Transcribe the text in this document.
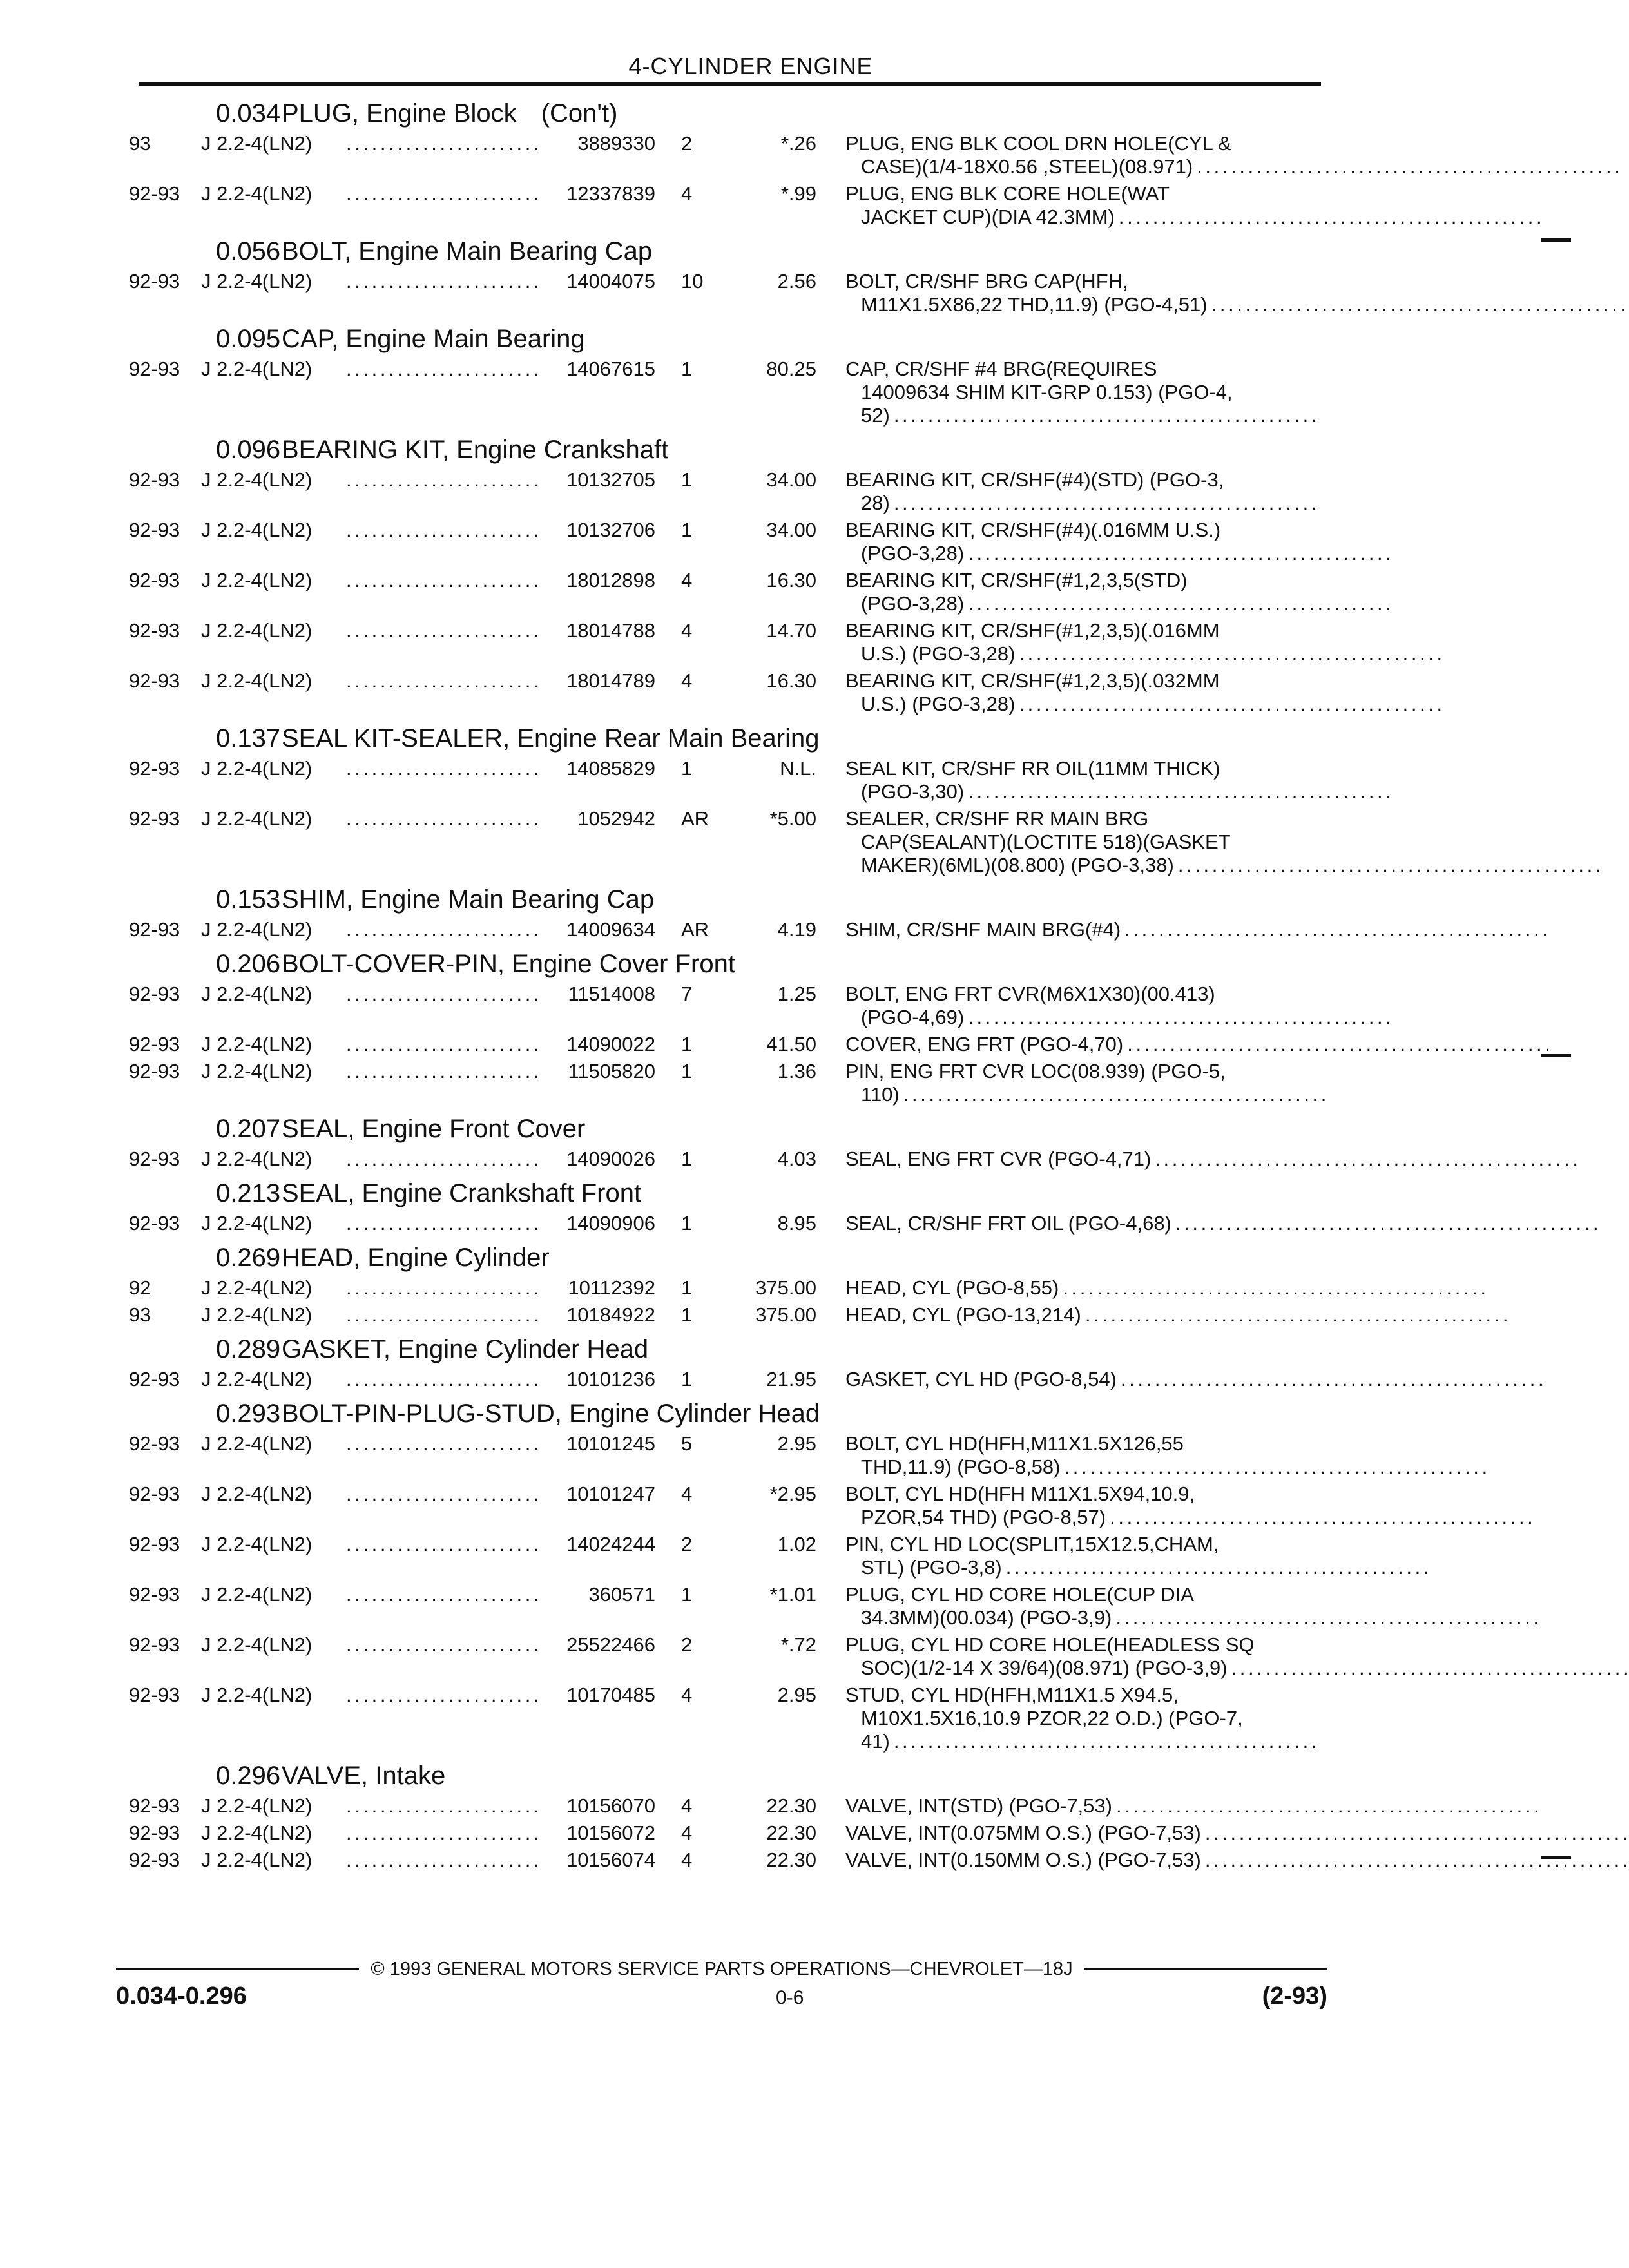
4-CYLINDER ENGINE
0.034 PLUG, Engine Block (Con't)
93	J 2.2-4(LN2) . . .	3889330	2	*.26	PLUG, ENG BLK COOL DRN HOLE(CYL &
CASE)(1/4-18X0.56 ,STEEL)(08.971)
. . .
92-93	J 2.2-4(LN2) . . .	12337839	4	*.99	PLUG, ENG BLK CORE HOLE(WAT
JACKET CUP)(DIA 42.3MM)
. . .
0.056 BOLT, Engine Main Bearing Cap
92-93	J 2.2-4(LN2) . . .	14004075	10	2.56	BOLT, CR/SHF BRG CAP(HFH,
M11X1.5X86,22 THD,11.9) (PGO-4,51)
. . .
0.095 CAP, Engine Main Bearing
92-93	J 2.2-4(LN2) . . .	14067615	1	80.25	CAP, CR/SHF #4 BRG(REQUIRES
14009634 SHIM KIT-GRP 0.153) (PGO-4,
52)
. . .
0.096 BEARING KIT, Engine Crankshaft
92-93	J 2.2-4(LN2) . . .	10132705	1	34.00	BEARING KIT, CR/SHF(#4)(STD) (PGO-3,
28)
. . .
92-93	J 2.2-4(LN2) . . .	10132706	1	34.00	BEARING KIT, CR/SHF(#4)(.016MM U.S.)
(PGO-3,28)
. . .
92-93	J 2.2-4(LN2) . . .	18012898	4	16.30	BEARING KIT, CR/SHF(#1,2,3,5(STD)
(PGO-3,28)
. . .
92-93	J 2.2-4(LN2) . . .	18014788	4	14.70	BEARING KIT, CR/SHF(#1,2,3,5)(.016MM
U.S.) (PGO-3,28)
. . .
92-93	J 2.2-4(LN2) . . .	18014789	4	16.30	BEARING KIT, CR/SHF(#1,2,3,5)(.032MM
U.S.) (PGO-3,28)
. . .
0.137 SEAL KIT-SEALER, Engine Rear Main Bearing
92-93	J 2.2-4(LN2) . . .	14085829	1	N.L.	SEAL KIT, CR/SHF RR OIL(11MM THICK)
(PGO-3,30)
. . .
92-93	J 2.2-4(LN2) . . .	1052942	AR	*5.00	SEALER, CR/SHF RR MAIN BRG
CAP(SEALANT)(LOCTITE 518)(GASKET
MAKER)(6ML)(08.800) (PGO-3,38)
. . .
0.153 SHIM, Engine Main Bearing Cap
92-93	J 2.2-4(LN2) . . .	14009634	AR	4.19	SHIM, CR/SHF MAIN BRG(#4)
. . .
0.206 BOLT-COVER-PIN, Engine Cover Front
92-93	J 2.2-4(LN2) . . .	11514008	7	1.25	BOLT, ENG FRT CVR(M6X1X30)(00.413)
(PGO-4,69)
. . .
92-93	J 2.2-4(LN2) . . .	14090022	1	41.50	COVER, ENG FRT (PGO-4,70)
. . .
92-93	J 2.2-4(LN2) . . .	11505820	1	1.36	PIN, ENG FRT CVR LOC(08.939) (PGO-5,
110)
. . .
0.207 SEAL, Engine Front Cover
92-93	J 2.2-4(LN2) . . .	14090026	1	4.03	SEAL, ENG FRT CVR (PGO-4,71)
. . .
0.213 SEAL, Engine Crankshaft Front
92-93	J 2.2-4(LN2) . . .	14090906	1	8.95	SEAL, CR/SHF FRT OIL (PGO-4,68)
. . .
0.269 HEAD, Engine Cylinder
92	J 2.2-4(LN2) . . .	10112392	1	375.00	HEAD, CYL (PGO-8,55)
. . .
93	J 2.2-4(LN2) . . .	10184922	1	375.00	HEAD, CYL (PGO-13,214)
. . .
0.289 GASKET, Engine Cylinder Head
92-93	J 2.2-4(LN2) . . .	10101236	1	21.95	GASKET, CYL HD (PGO-8,54)
. . .
0.293 BOLT-PIN-PLUG-STUD, Engine Cylinder Head
92-93	J 2.2-4(LN2) . . .	10101245	5	2.95	BOLT, CYL HD(HFH,M11X1.5X126,55
THD,11.9) (PGO-8,58)
. . .
92-93	J 2.2-4(LN2) . . .	10101247	4	*2.95	BOLT, CYL HD(HFH M11X1.5X94,10.9,
PZOR,54 THD) (PGO-8,57)
. . .
92-93	J 2.2-4(LN2) . . .	14024244	2	1.02	PIN, CYL HD LOC(SPLIT,15X12.5,CHAM,
STL) (PGO-3,8)
. . .
92-93	J 2.2-4(LN2) . . .	360571	1	*1.01	PLUG, CYL HD CORE HOLE(CUP DIA
34.3MM)(00.034) (PGO-3,9)
. . .
92-93	J 2.2-4(LN2) . . .	25522466	2	*.72	PLUG, CYL HD CORE HOLE(HEADLESS SQ
SOC)(1/2-14 X 39/64)(08.971) (PGO-3,9)
. . .
92-93	J 2.2-4(LN2) . . .	10170485	4	2.95	STUD, CYL HD(HFH,M11X1.5 X94.5,
M10X1.5X16,10.9 PZOR,22 O.D.) (PGO-7,
41)
. . .
0.296 VALVE, Intake
92-93	J 2.2-4(LN2) . . .	10156070	4	22.30	VALVE, INT(STD) (PGO-7,53)
. . .
92-93	J 2.2-4(LN2) . . .	10156072	4	22.30	VALVE, INT(0.075MM O.S.) (PGO-7,53)
. . .
92-93	J 2.2-4(LN2) . . .	10156074	4	22.30	VALVE, INT(0.150MM O.S.) (PGO-7,53)
. . .
© 1993 GENERAL MOTORS SERVICE PARTS OPERATIONS—CHEVROLET—18J
0.034-0.296	0-6	(2-93)
